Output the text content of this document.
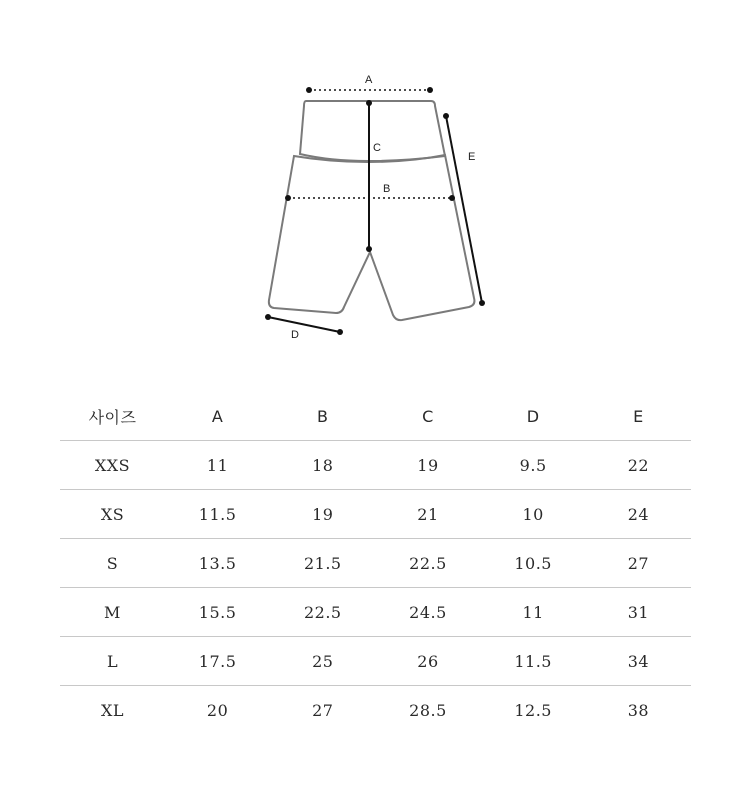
A
C
B
E
D
사이즈	A	B	C	D	E
XXS	11	18	19	9.5	22
XS	11.5	19	21	10	24
S	13.5	21.5	22.5	10.5	27
M	15.5	22.5	24.5	11	31
L	17.5	25	26	11.5	34
XL	20	27	28.5	12.5	38
